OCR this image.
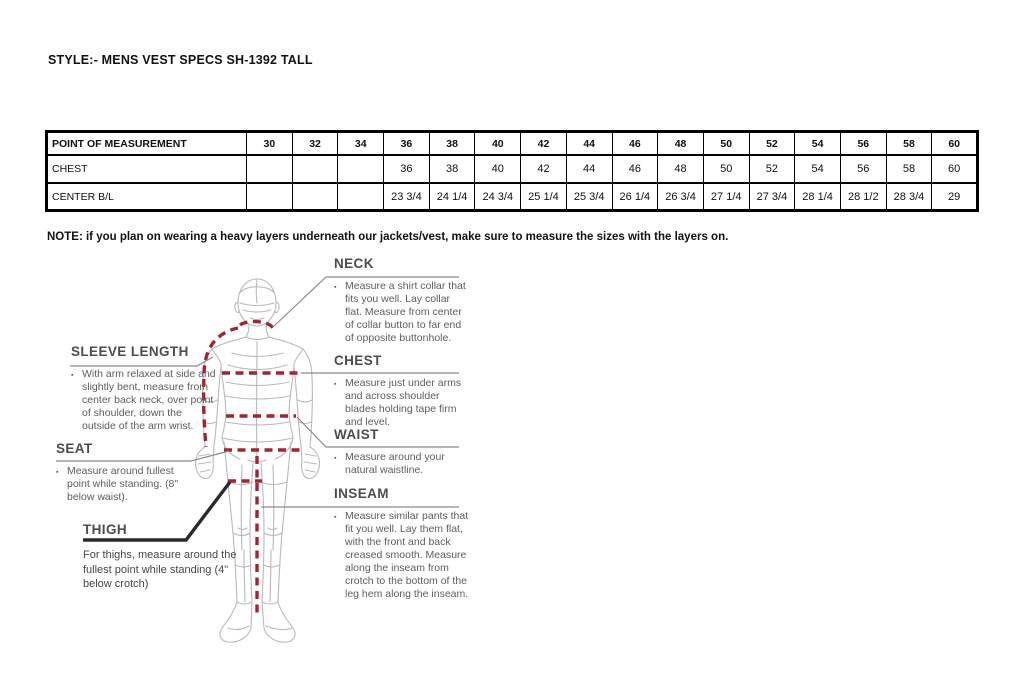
STYLE:- MENS VEST SPECS SH-1392 TALL
POINT OF MEASUREMENT	30	32	34	36	38	40	42	44	46	48	50	52	54	56	58	60
CHEST				36	38	40	42	44	46	48	50	52	54	56	58	60
CENTER B/L				23 3/4	24 1/4	24 3/4	25 1/4	25 3/4	26 1/4	26 3/4	27 1/4	27 3/4	28 1/4	28 1/2	28 3/4	29
NOTE: if you plan on wearing a heavy layers underneath our jackets/vest, make sure to measure the sizes with the layers on.
NECK

▪ Measure a shirt collar that fits you well. Lay collar flat. Measure from center of collar button to far end of opposite buttonhole.

CHEST

▪ Measure just under arms and across shoulder blades holding tape firm and level.

WAIST

▪ Measure around your natural waistline.

INSEAM

▪ Measure similar pants that fit you well. Lay them flat, with the front and back creased smooth. Measure along the inseam from crotch to the bottom of the leg hem along the inseam.

SLEEVE LENGTH

▪ With arm relaxed at side and slightly bent, measure from center back neck, over point of shoulder, down the outside of the arm wrist.

SEAT

▪ Measure around fullest point while standing. (8" below waist).

THIGH

For thighs, measure around the fullest point while standing (4" below crotch)
